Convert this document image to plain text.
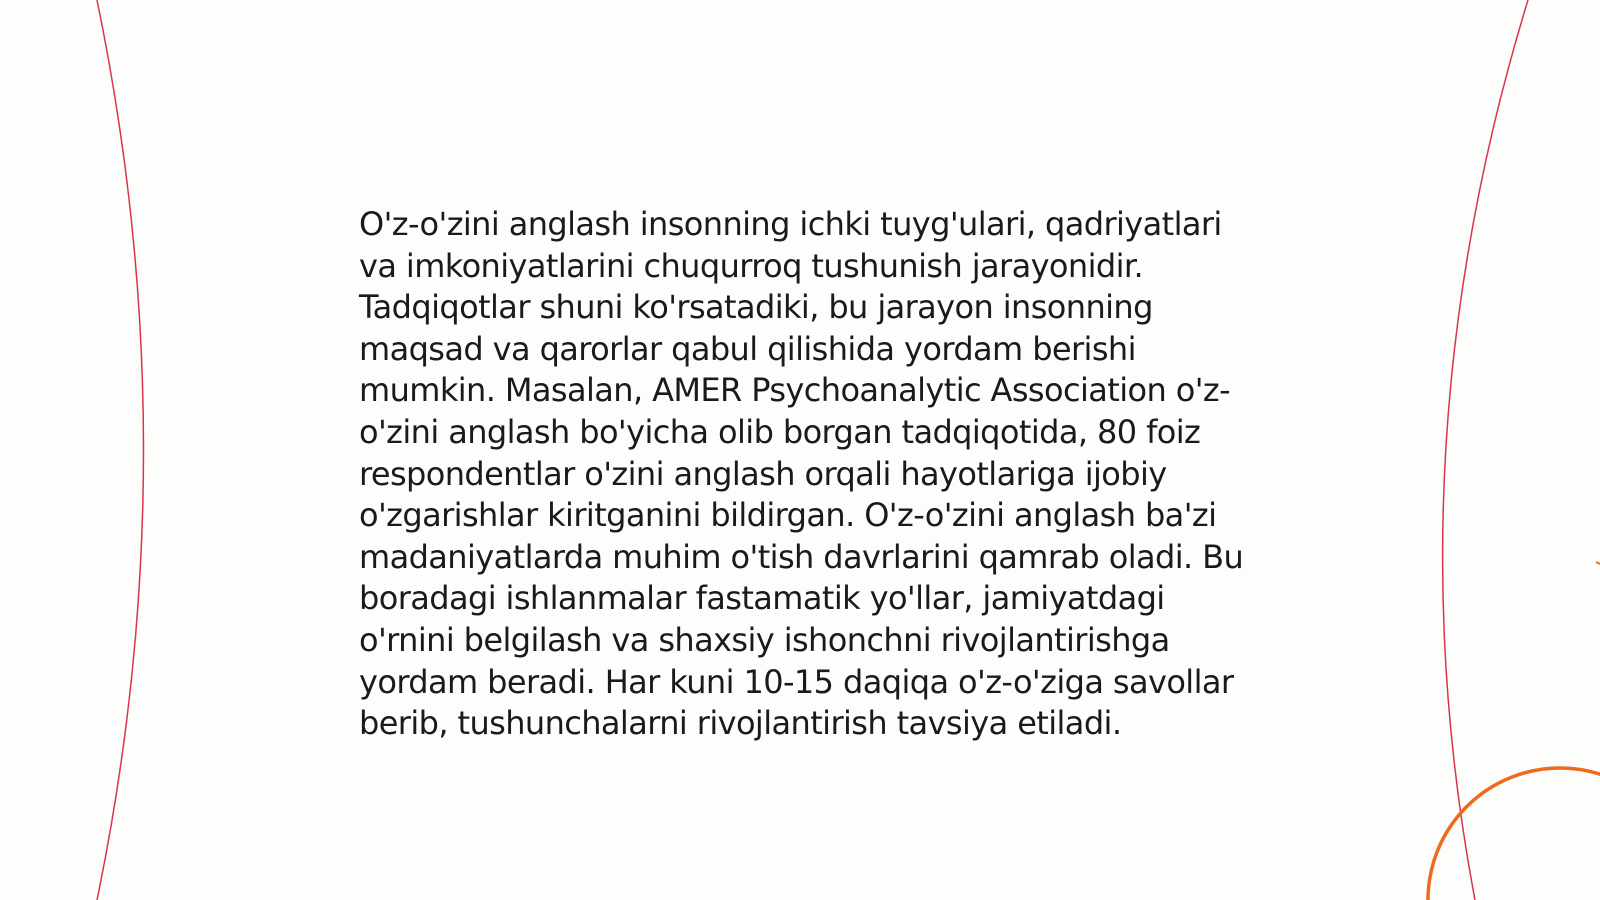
O'z-o'zini anglash insonning ichki tuyg'ulari, qadriyatlari va imkoniyatlarini chuqurroq tushunish jarayonidir. Tadqiqotlar shuni ko'rsatadiki, bu jarayon insonning maqsad va qarorlar qabul qilishida yordam berishi mumkin. Masalan, AMER Psychoanalytic Association o'z-o'zini anglash bo'yicha olib borgan tadqiqotida, 80 foiz respondentlar o'zini anglash orqali hayotlariga ijobiy o'zgarishlar kiritganini bildirgan. O'z-o'zini anglash ba'zi madaniyatlarda muhim o'tish davrlarini qamrab oladi. Bu boradagi ishlanmalar fastamatik yo'llar, jamiyatdagi o'rnini belgilash va shaxsiy ishonchni rivojlantirishga yordam beradi. Har kuni 10-15 daqiqa o'z-o'ziga savollar berib, tushunchalarni rivojlantirish tavsiya etiladi.
